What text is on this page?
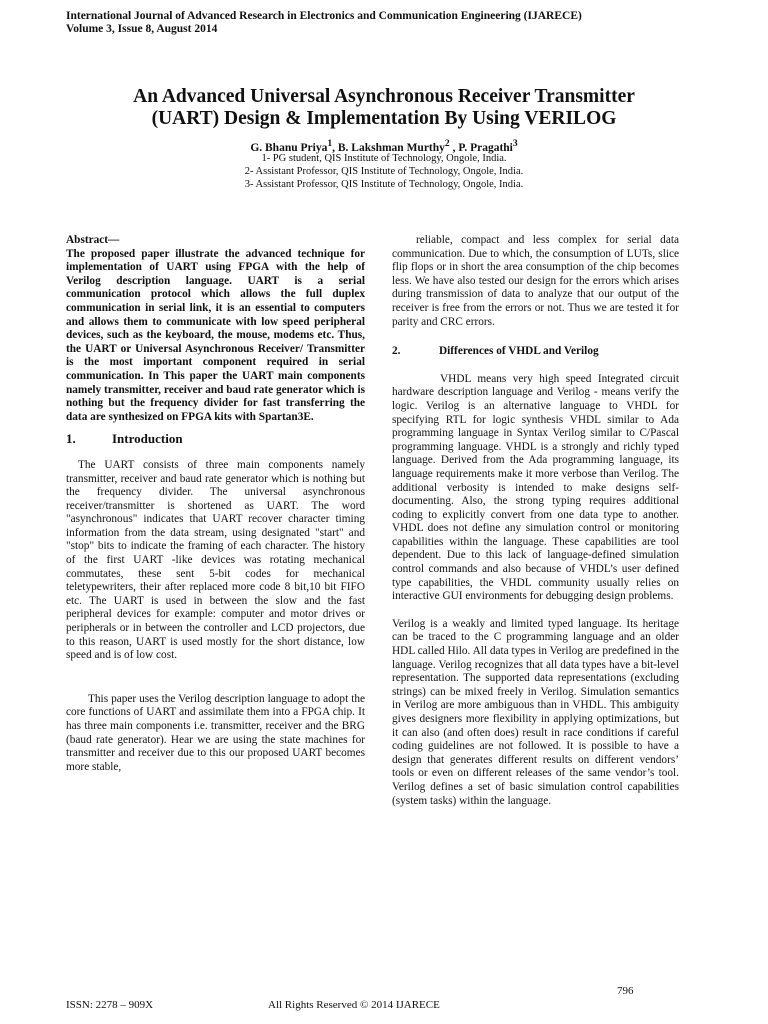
International Journal of Advanced Research in Electronics and Communication Engineering (IJARECE)
Volume 3, Issue 8, August 2014
An Advanced Universal Asynchronous Receiver Transmitter
(UART) Design & Implementation By Using VERILOG
G. Bhanu Priya$^1$, B. Lakshman Murthy$^2$ , P. Pragathi$^3$
1- PG student, QIS Institute of Technology, Ongole, India.
2- Assistant Professor, QIS Institute of Technology, Ongole, India.
3- Assistant Professor, QIS Institute of Technology, Ongole, India.

Abstract—

The proposed paper illustrate the advanced technique for implementation of UART using FPGA with the help of Verilog description language. UART is a serial communication protocol which allows the full duplex communication in serial link, it is an essential to computers and allows them to communicate with low speed peripheral devices, such as the keyboard, the mouse, modems etc. Thus, the UART or Universal Asynchronous Receiver/ Transmitter is the most important component required in serial communication. In This paper the UART main components namely transmitter, receiver and baud rate generator which is nothing but the frequency divider for fast transferring the data are synthesized on FPGA kits with Spartan3E.

1.	Introduction

The UART consists of three main components namely transmitter, receiver and baud rate generator which is nothing but the frequency divider. The universal asynchronous receiver/transmitter is shortened as UART. The word "asynchronous" indicates that UART recover character timing information from the data stream, using designated "start" and "stop" bits to indicate the framing of each character. The history of the first UART -like devices was rotating mechanical commutates, these sent 5-bit codes for mechanical teletypewriters, their after replaced more code 8 bit,10 bit FIFO etc. The UART is used in between the slow and the fast peripheral devices for example: computer and motor drives or peripherals or in between the controller and LCD projectors, due to this reason, UART is used mostly for the short distance, low speed and is of low cost.

This paper uses the Verilog description language to adopt the core functions of UART and assimilate them into a FPGA chip. It has three main components i.e. transmitter, receiver and the BRG (baud rate generator). Hear we are using the state machines for transmitter and receiver due to this our proposed UART becomes more stable,

reliable, compact and less complex for serial data communication. Due to which, the consumption of LUTs, slice flip flops or in short the area consumption of the chip becomes less. We have also tested our design for the errors which arises during transmission of data to analyze that our output of the receiver is free from the errors or not. Thus we are tested it for parity and CRC errors.

2.	Differences of VHDL and Verilog

VHDL means very high speed Integrated circuit hardware description language and Verilog - means verify the logic. Verilog is an alternative language to VHDL for specifying RTL for logic synthesis VHDL similar to Ada programming language in Syntax Verilog similar to C/Pascal programming language. VHDL is a strongly and richly typed language. Derived from the Ada programming language, its language requirements make it more verbose than Verilog. The additional verbosity is intended to make designs self-documenting. Also, the strong typing requires additional coding to explicitly convert from one data type to another. VHDL does not define any simulation control or monitoring capabilities within the language. These capabilities are tool dependent. Due to this lack of language-defined simulation control commands and also because of VHDL’s user defined type capabilities, the VHDL community usually relies on interactive GUI environments for debugging design problems.

Verilog is a weakly and limited typed language. Its heritage can be traced to the C programming language and an older HDL called Hilo. All data types in Verilog are predefined in the language. Verilog recognizes that all data types have a bit-level representation. The supported data representations (excluding strings) can be mixed freely in Verilog. Simulation semantics in Verilog are more ambiguous than in VHDL. This ambiguity gives designers more flexibility in applying optimizations, but it can also (and often does) result in race conditions if careful coding guidelines are not followed. It is possible to have a design that generates different results on different vendors’ tools or even on different releases of the same vendor’s tool. Verilog defines a set of basic simulation control capabilities (system tasks) within the language.

796
ISSN: 2278 – 909X	All Rights Reserved © 2014 IJARECE
